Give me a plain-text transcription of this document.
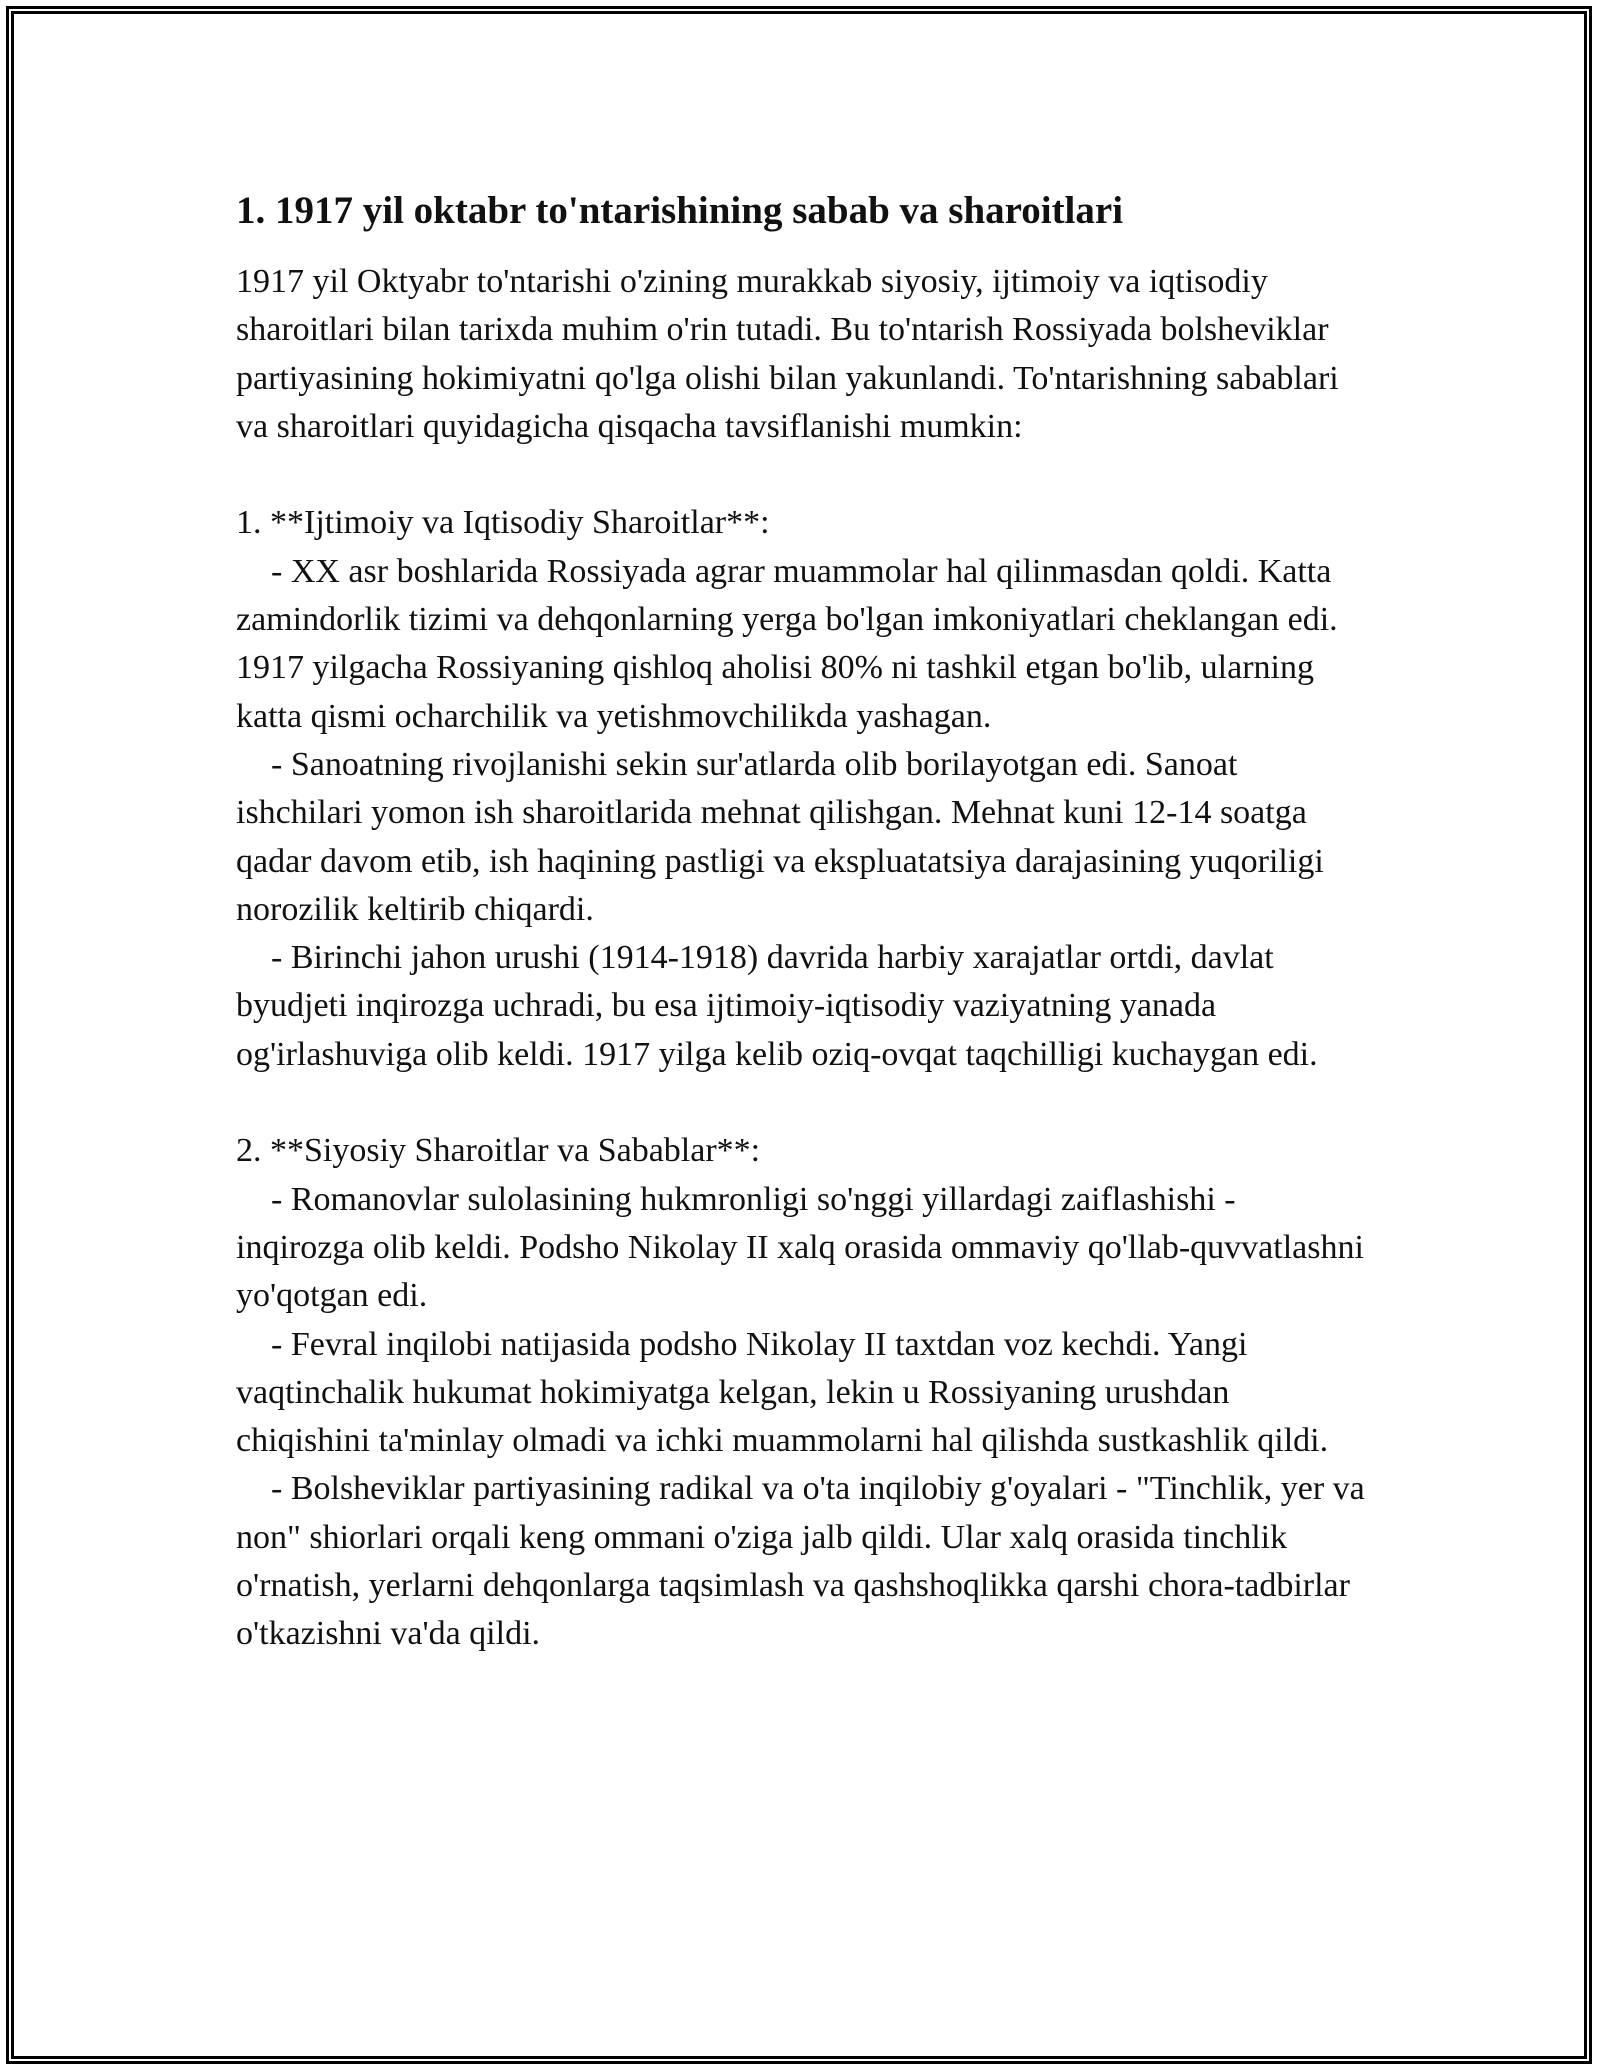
1. 1917 yil oktabr to'ntarishining sabab va sharoitlari

1917 yil Oktyabr to'ntarishi o'zining murakkab siyosiy, ijtimoiy va iqtisodiy sharoitlari bilan tarixda muhim o'rin tutadi. Bu to'ntarish Rossiyada bolsheviklar partiyasining hokimiyatni qo'lga olishi bilan yakunlandi. To'ntarishning sabablari va sharoitlari quyidagicha qisqacha tavsiflanishi mumkin:

1. **Ijtimoiy va Iqtisodiy Sharoitlar**:

- XX asr boshlarida Rossiyada agrar muammolar hal qilinmasdan qoldi. Katta zamindorlik tizimi va dehqonlarning yerga bo'lgan imkoniyatlari cheklangan edi. 1917 yilgacha Rossiyaning qishloq aholisi 80% ni tashkil etgan bo'lib, ularning katta qismi ocharchilik va yetishmovchilikda yashagan.

- Sanoatning rivojlanishi sekin sur'atlarda olib borilayotgan edi. Sanoat ishchilari yomon ish sharoitlarida mehnat qilishgan. Mehnat kuni 12-14 soatga qadar davom etib, ish haqining pastligi va ekspluatatsiya darajasining yuqoriligi norozilik keltirib chiqardi.

- Birinchi jahon urushi (1914-1918) davrida harbiy xarajatlar ortdi, davlat byudjeti inqirozga uchradi, bu esa ijtimoiy-iqtisodiy vaziyatning yanada og'irlashuviga olib keldi. 1917 yilga kelib oziq-ovqat taqchilligi kuchaygan edi.

2. **Siyosiy Sharoitlar va Sabablar**:

- Romanovlar sulolasining hukmronligi so'nggi yillardagi zaiflashishi - inqirozga olib keldi. Podsho Nikolay II xalq orasida ommaviy qo'llab-quvvatlashni yo'qotgan edi.

- Fevral inqilobi natijasida podsho Nikolay II taxtdan voz kechdi. Yangi vaqtinchalik hukumat hokimiyatga kelgan, lekin u Rossiyaning urushdan chiqishini ta'minlay olmadi va ichki muammolarni hal qilishda sustkashlik qildi.

- Bolsheviklar partiyasining radikal va o'ta inqilobiy g'oyalari - "Tinchlik, yer va non" shiorlari orqali keng ommani o'ziga jalb qildi. Ular xalq orasida tinchlik o'rnatish, yerlarni dehqonlarga taqsimlash va qashshoqlikka qarshi chora-tadbirlar o'tkazishni va'da qildi.
